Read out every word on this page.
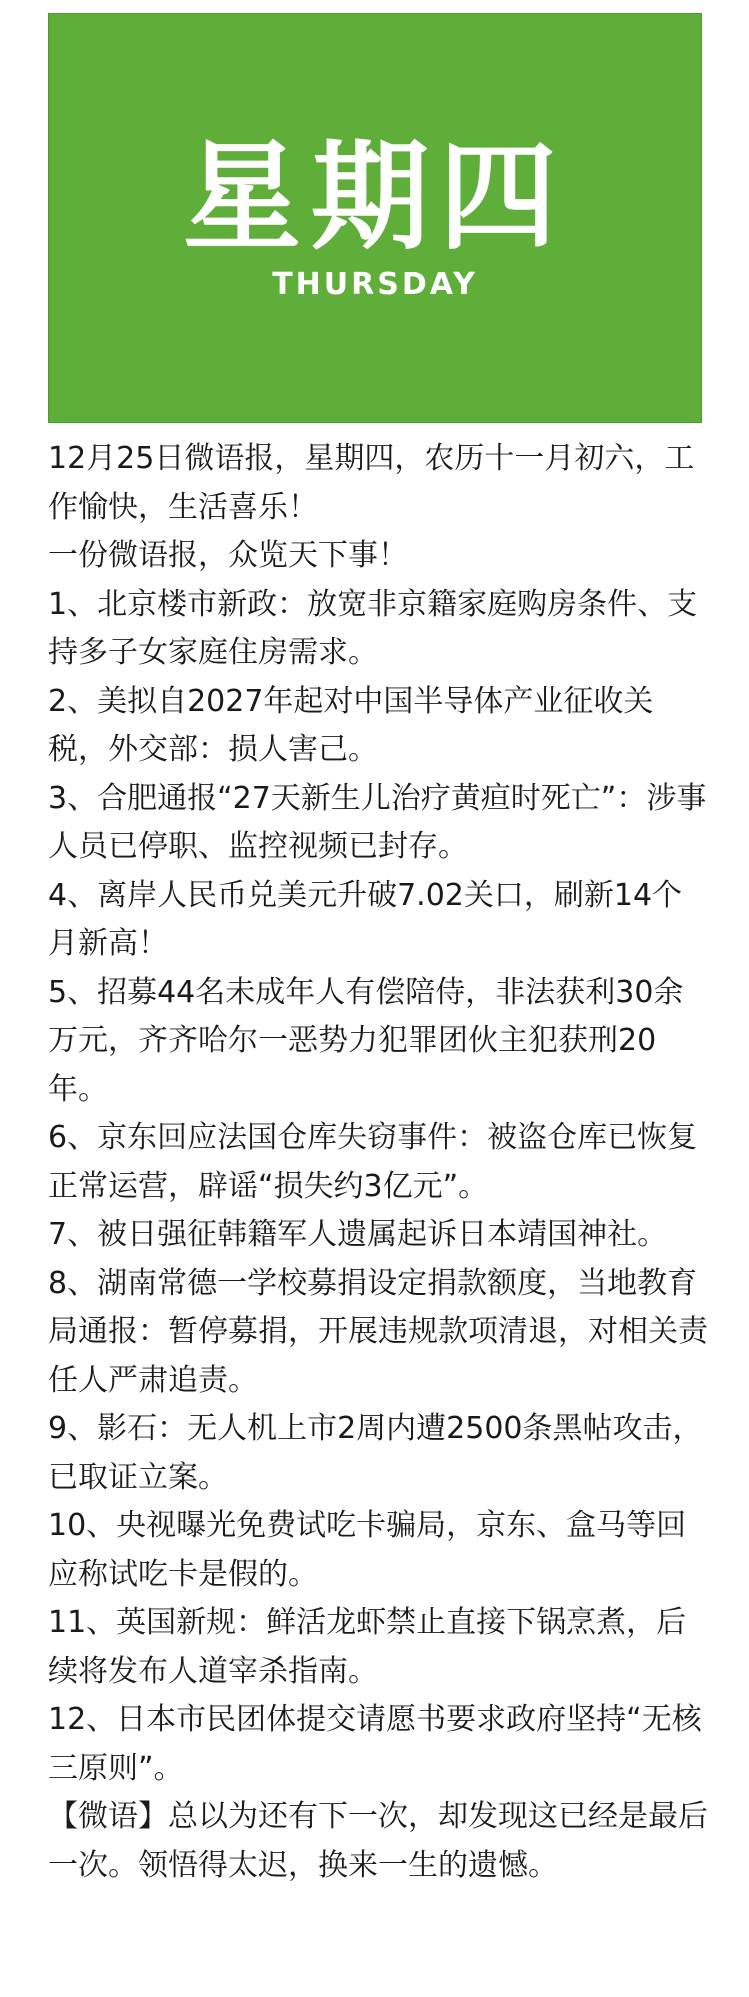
星期四
THURSDAY

12月25日微语报，星期四，农历十一月初六，工作愉快，生活喜乐！

一份微语报，众览天下事！

1、北京楼市新政：放宽非京籍家庭购房条件、支持多子女家庭住房需求。

2、美拟自2027年起对中国半导体产业征收关税，外交部：损人害己。

3、合肥通报“27天新生儿治疗黄疸时死亡”：涉事人员已停职、监控视频已封存。

4、离岸人民币兑美元升破7.02关口，刷新14个月新高！

5、招募44名未成年人有偿陪侍，非法获利30余万元，齐齐哈尔一恶势力犯罪团伙主犯获刑20年。

6、京东回应法国仓库失窃事件：被盗仓库已恢复正常运营，辟谣“损失约3亿元”。

7、被日强征韩籍军人遗属起诉日本靖国神社。

8、湖南常德一学校募捐设定捐款额度，当地教育局通报：暂停募捐，开展违规款项清退，对相关责任人严肃追责。

9、影石：无人机上市2周内遭2500条黑帖攻击，已取证立案。

10、央视曝光免费试吃卡骗局，京东、盒马等回应称试吃卡是假的。

11、英国新规：鲜活龙虾禁止直接下锅烹煮，后续将发布人道宰杀指南。

12、日本市民团体提交请愿书要求政府坚持“无核三原则”。

【微语】总以为还有下一次，却发现这已经是最后一次。领悟得太迟，换来一生的遗憾。
